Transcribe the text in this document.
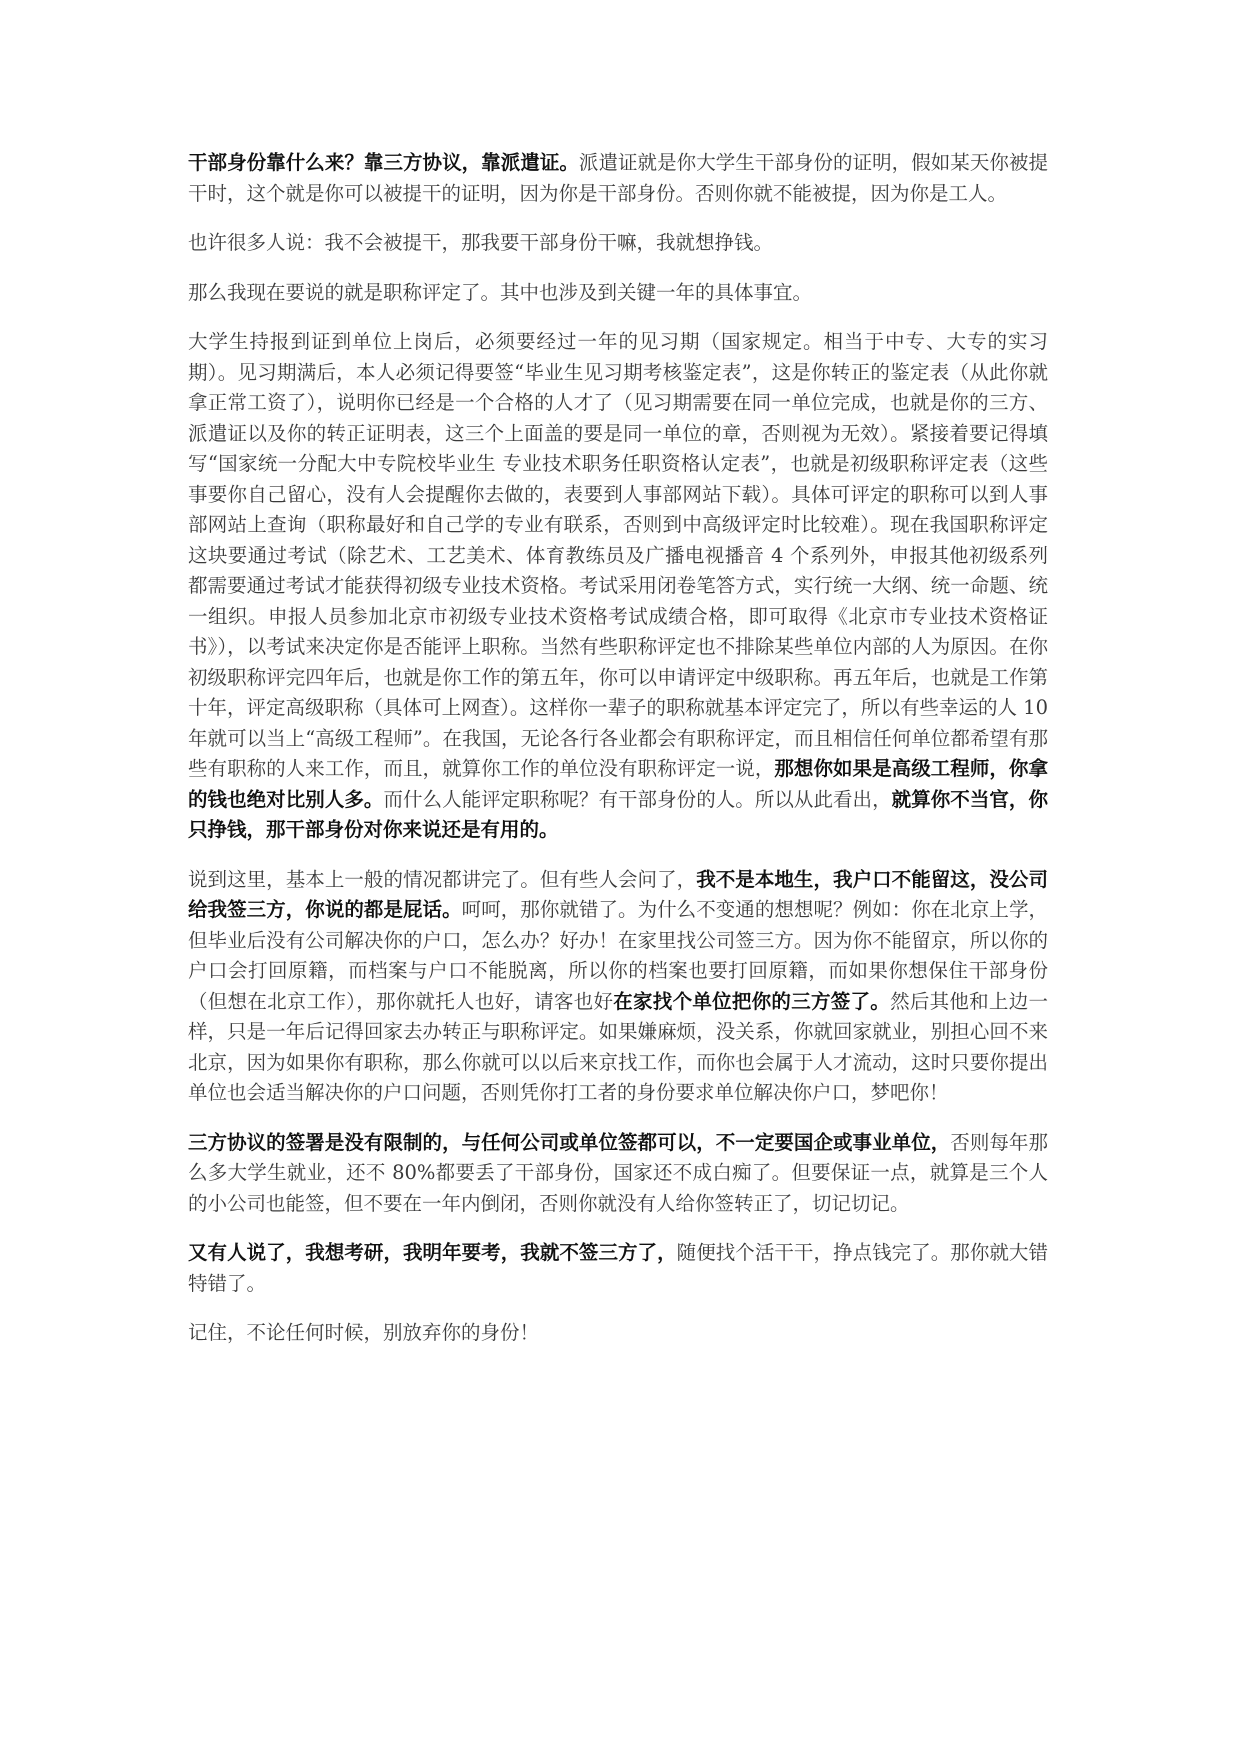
干部身份靠什么来？靠三方协议，靠派遣证。派遣证就是你大学生干部身份的证明，假如某天你被提干时，这个就是你可以被提干的证明，因为你是干部身份。否则你就不能被提，因为你是工人。

也许很多人说：我不会被提干，那我要干部身份干嘛，我就想挣钱。

那么我现在要说的就是职称评定了。其中也涉及到关键一年的具体事宜。

大学生持报到证到单位上岗后，必须要经过一年的见习期（国家规定。相当于中专、大专的实习期）。见习期满后，本人必须记得要签“毕业生见习期考核鉴定表”，这是你转正的鉴定表（从此你就拿正常工资了），说明你已经是一个合格的人才了（见习期需要在同一单位完成，也就是你的三方、派遣证以及你的转正证明表，这三个上面盖的要是同一单位的章，否则视为无效）。紧接着要记得填写“国家统一分配大中专院校毕业生 专业技术职务任职资格认定表”，也就是初级职称评定表（这些事要你自己留心，没有人会提醒你去做的，表要到人事部网站下载）。具体可评定的职称可以到人事部网站上查询（职称最好和自己学的专业有联系，否则到中高级评定时比较难）。现在我国职称评定这块要通过考试（除艺术、工艺美术、体育教练员及广播电视播音 4 个系列外，申报其他初级系列都需要通过考试才能获得初级专业技术资格。考试采用闭卷笔答方式，实行统一大纲、统一命题、统一组织。申报人员参加北京市初级专业技术资格考试成绩合格，即可取得《北京市专业技术资格证书》），以考试来决定你是否能评上职称。当然有些职称评定也不排除某些单位内部的人为原因。在你初级职称评完四年后，也就是你工作的第五年，你可以申请评定中级职称。再五年后，也就是工作第十年，评定高级职称（具体可上网查）。这样你一辈子的职称就基本评定完了，所以有些幸运的人 10 年就可以当上“高级工程师”。在我国，无论各行各业都会有职称评定，而且相信任何单位都希望有那些有职称的人来工作，而且，就算你工作的单位没有职称评定一说，那想你如果是高级工程师，你拿的钱也绝对比别人多。而什么人能评定职称呢？有干部身份的人。所以从此看出，就算你不当官，你只挣钱，那干部身份对你来说还是有用的。

说到这里，基本上一般的情况都讲完了。但有些人会问了，我不是本地生，我户口不能留这，没公司给我签三方，你说的都是屁话。呵呵，那你就错了。为什么不变通的想想呢？例如：你在北京上学，但毕业后没有公司解决你的户口，怎么办？好办！在家里找公司签三方。因为你不能留京，所以你的户口会打回原籍，而档案与户口不能脱离，所以你的档案也要打回原籍，而如果你想保住干部身份（但想在北京工作），那你就托人也好，请客也好在家找个单位把你的三方签了。然后其他和上边一样，只是一年后记得回家去办转正与职称评定。如果嫌麻烦，没关系，你就回家就业，别担心回不来北京，因为如果你有职称，那么你就可以以后来京找工作，而你也会属于人才流动，这时只要你提出单位也会适当解决你的户口问题，否则凭你打工者的身份要求单位解决你户口，梦吧你！

三方协议的签署是没有限制的，与任何公司或单位签都可以，不一定要国企或事业单位，否则每年那么多大学生就业，还不 80%都要丢了干部身份，国家还不成白痴了。但要保证一点，就算是三个人的小公司也能签，但不要在一年内倒闭，否则你就没有人给你签转正了，切记切记。

又有人说了，我想考研，我明年要考，我就不签三方了，随便找个活干干，挣点钱完了。那你就大错特错了。

记住，不论任何时候，别放弃你的身份！
